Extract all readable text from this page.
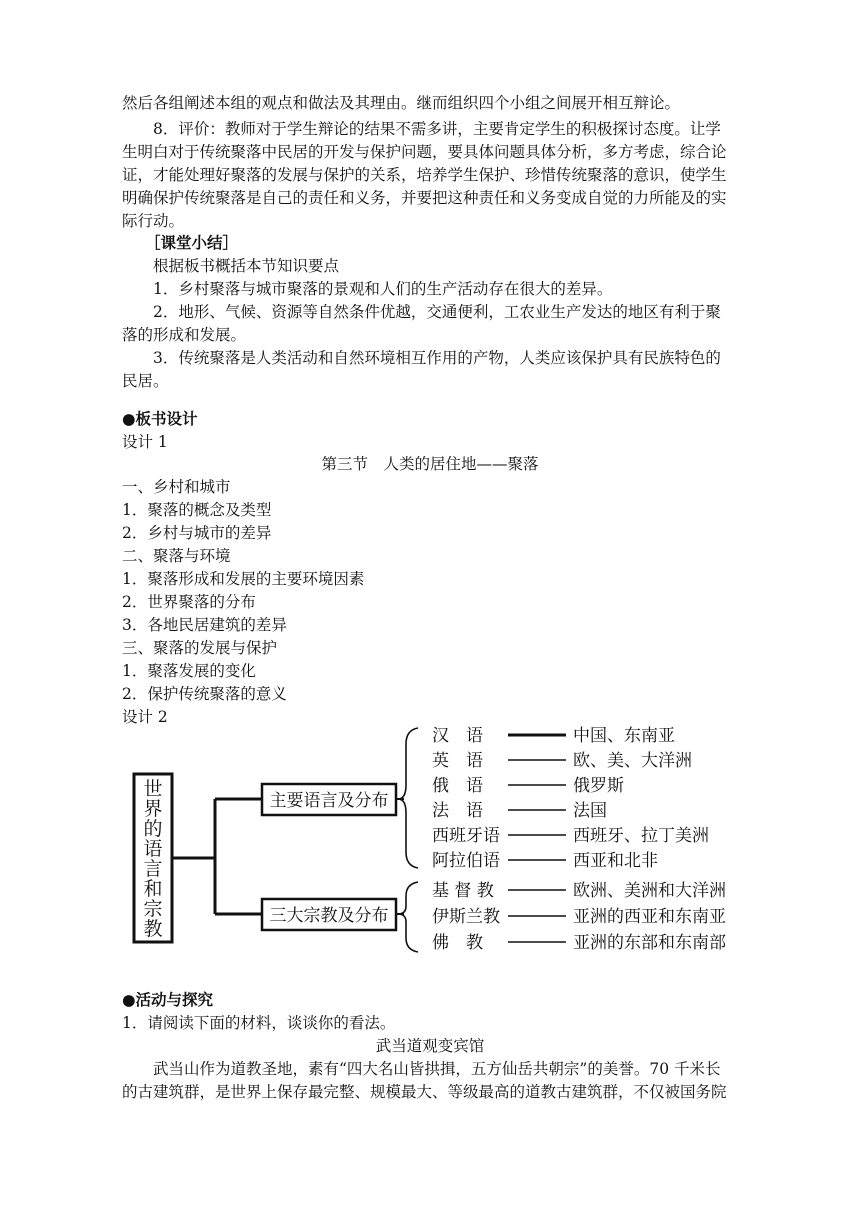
然后各组阐述本组的观点和做法及其理由。继而组织四个小组之间展开相互辩论。
8．评价：教师对于学生辩论的结果不需多讲，主要肯定学生的积极探讨态度。让学
生明白对于传统聚落中民居的开发与保护问题，要具体问题具体分析，多方考虑，综合论
证，才能处理好聚落的发展与保护的关系，培养学生保护、珍惜传统聚落的意识，使学生
明确保护传统聚落是自己的责任和义务，并要把这种责任和义务变成自觉的力所能及的实
际行动。
［课堂小结］
根据板书概括本节知识要点
1．乡村聚落与城市聚落的景观和人们的生产活动存在很大的差异。
2．地形、气候、资源等自然条件优越，交通便利，工农业生产发达的地区有利于聚
落的形成和发展。
3．传统聚落是人类活动和自然环境相互作用的产物，人类应该保护具有民族特色的
民居。
●板书设计
设计 1
第三节　人类的居住地——聚落
一、乡村和城市
1．聚落的概念及类型
2．乡村与城市的差异
二、聚落与环境
1．聚落形成和发展的主要环境因素
2．世界聚落的分布
3．各地民居建筑的差异
三、聚落的发展与保护
1．聚落发展的变化
2．保护传统聚落的意义
设计 2
世
界
的
语
言
和
宗
教
主要语言及分布
三大宗教及分布
汉　语
英　语
俄　语
法　语
西班牙语
阿拉伯语
中国、东南亚
欧、美、大洋洲
俄罗斯
法国
西班牙、拉丁美洲
西亚和北非
基 督 教
伊斯兰教
佛　教
欧洲、美洲和大洋洲
亚洲的西亚和东南亚
亚洲的东部和东南部
●活动与探究
1．请阅读下面的材料，谈谈你的看法。
武当道观变宾馆
武当山作为道教圣地，素有“四大名山皆拱揖，五方仙岳共朝宗”的美誉。70 千米长
的古建筑群，是世界上保存最完整、规模最大、等级最高的道教古建筑群，不仅被国务院
